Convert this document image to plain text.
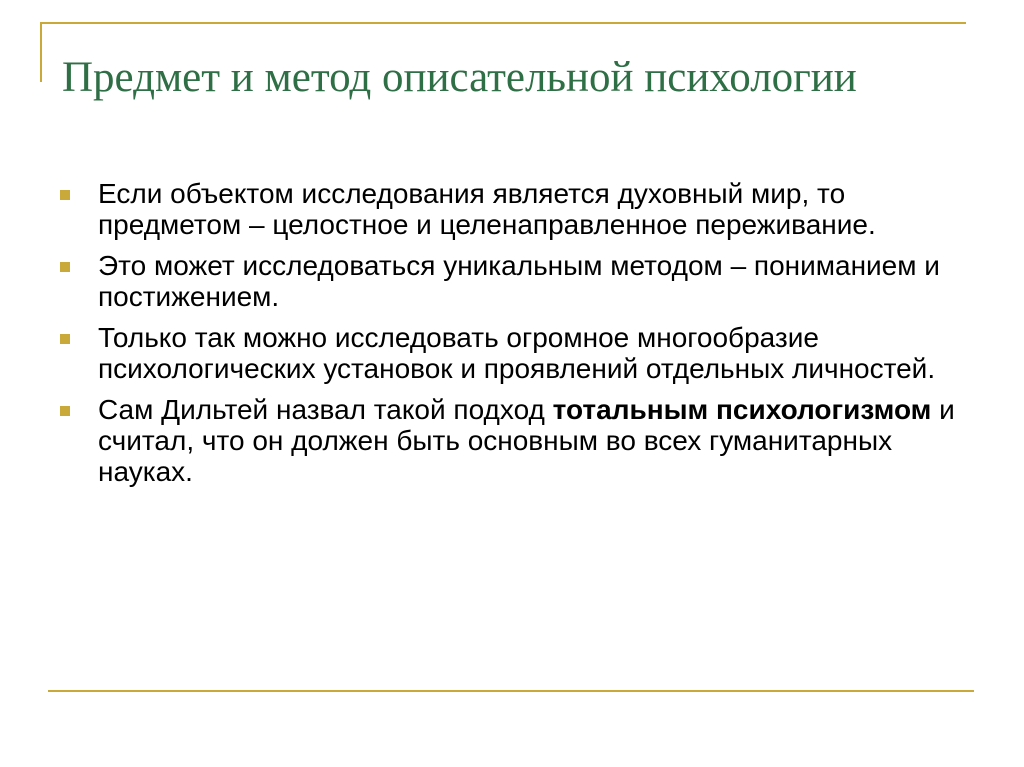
Предмет и метод описательной психологии
Если объектом исследования является духовный мир, то предметом – целостное и целенаправленное переживание.
Это может исследоваться уникальным методом – пониманием и постижением.
Только так можно исследовать огромное многообразие психологических установок и проявлений отдельных личностей.
Сам Дильтей назвал такой подход тотальным психологизмом и считал, что он должен быть основным во всех гуманитарных науках.
